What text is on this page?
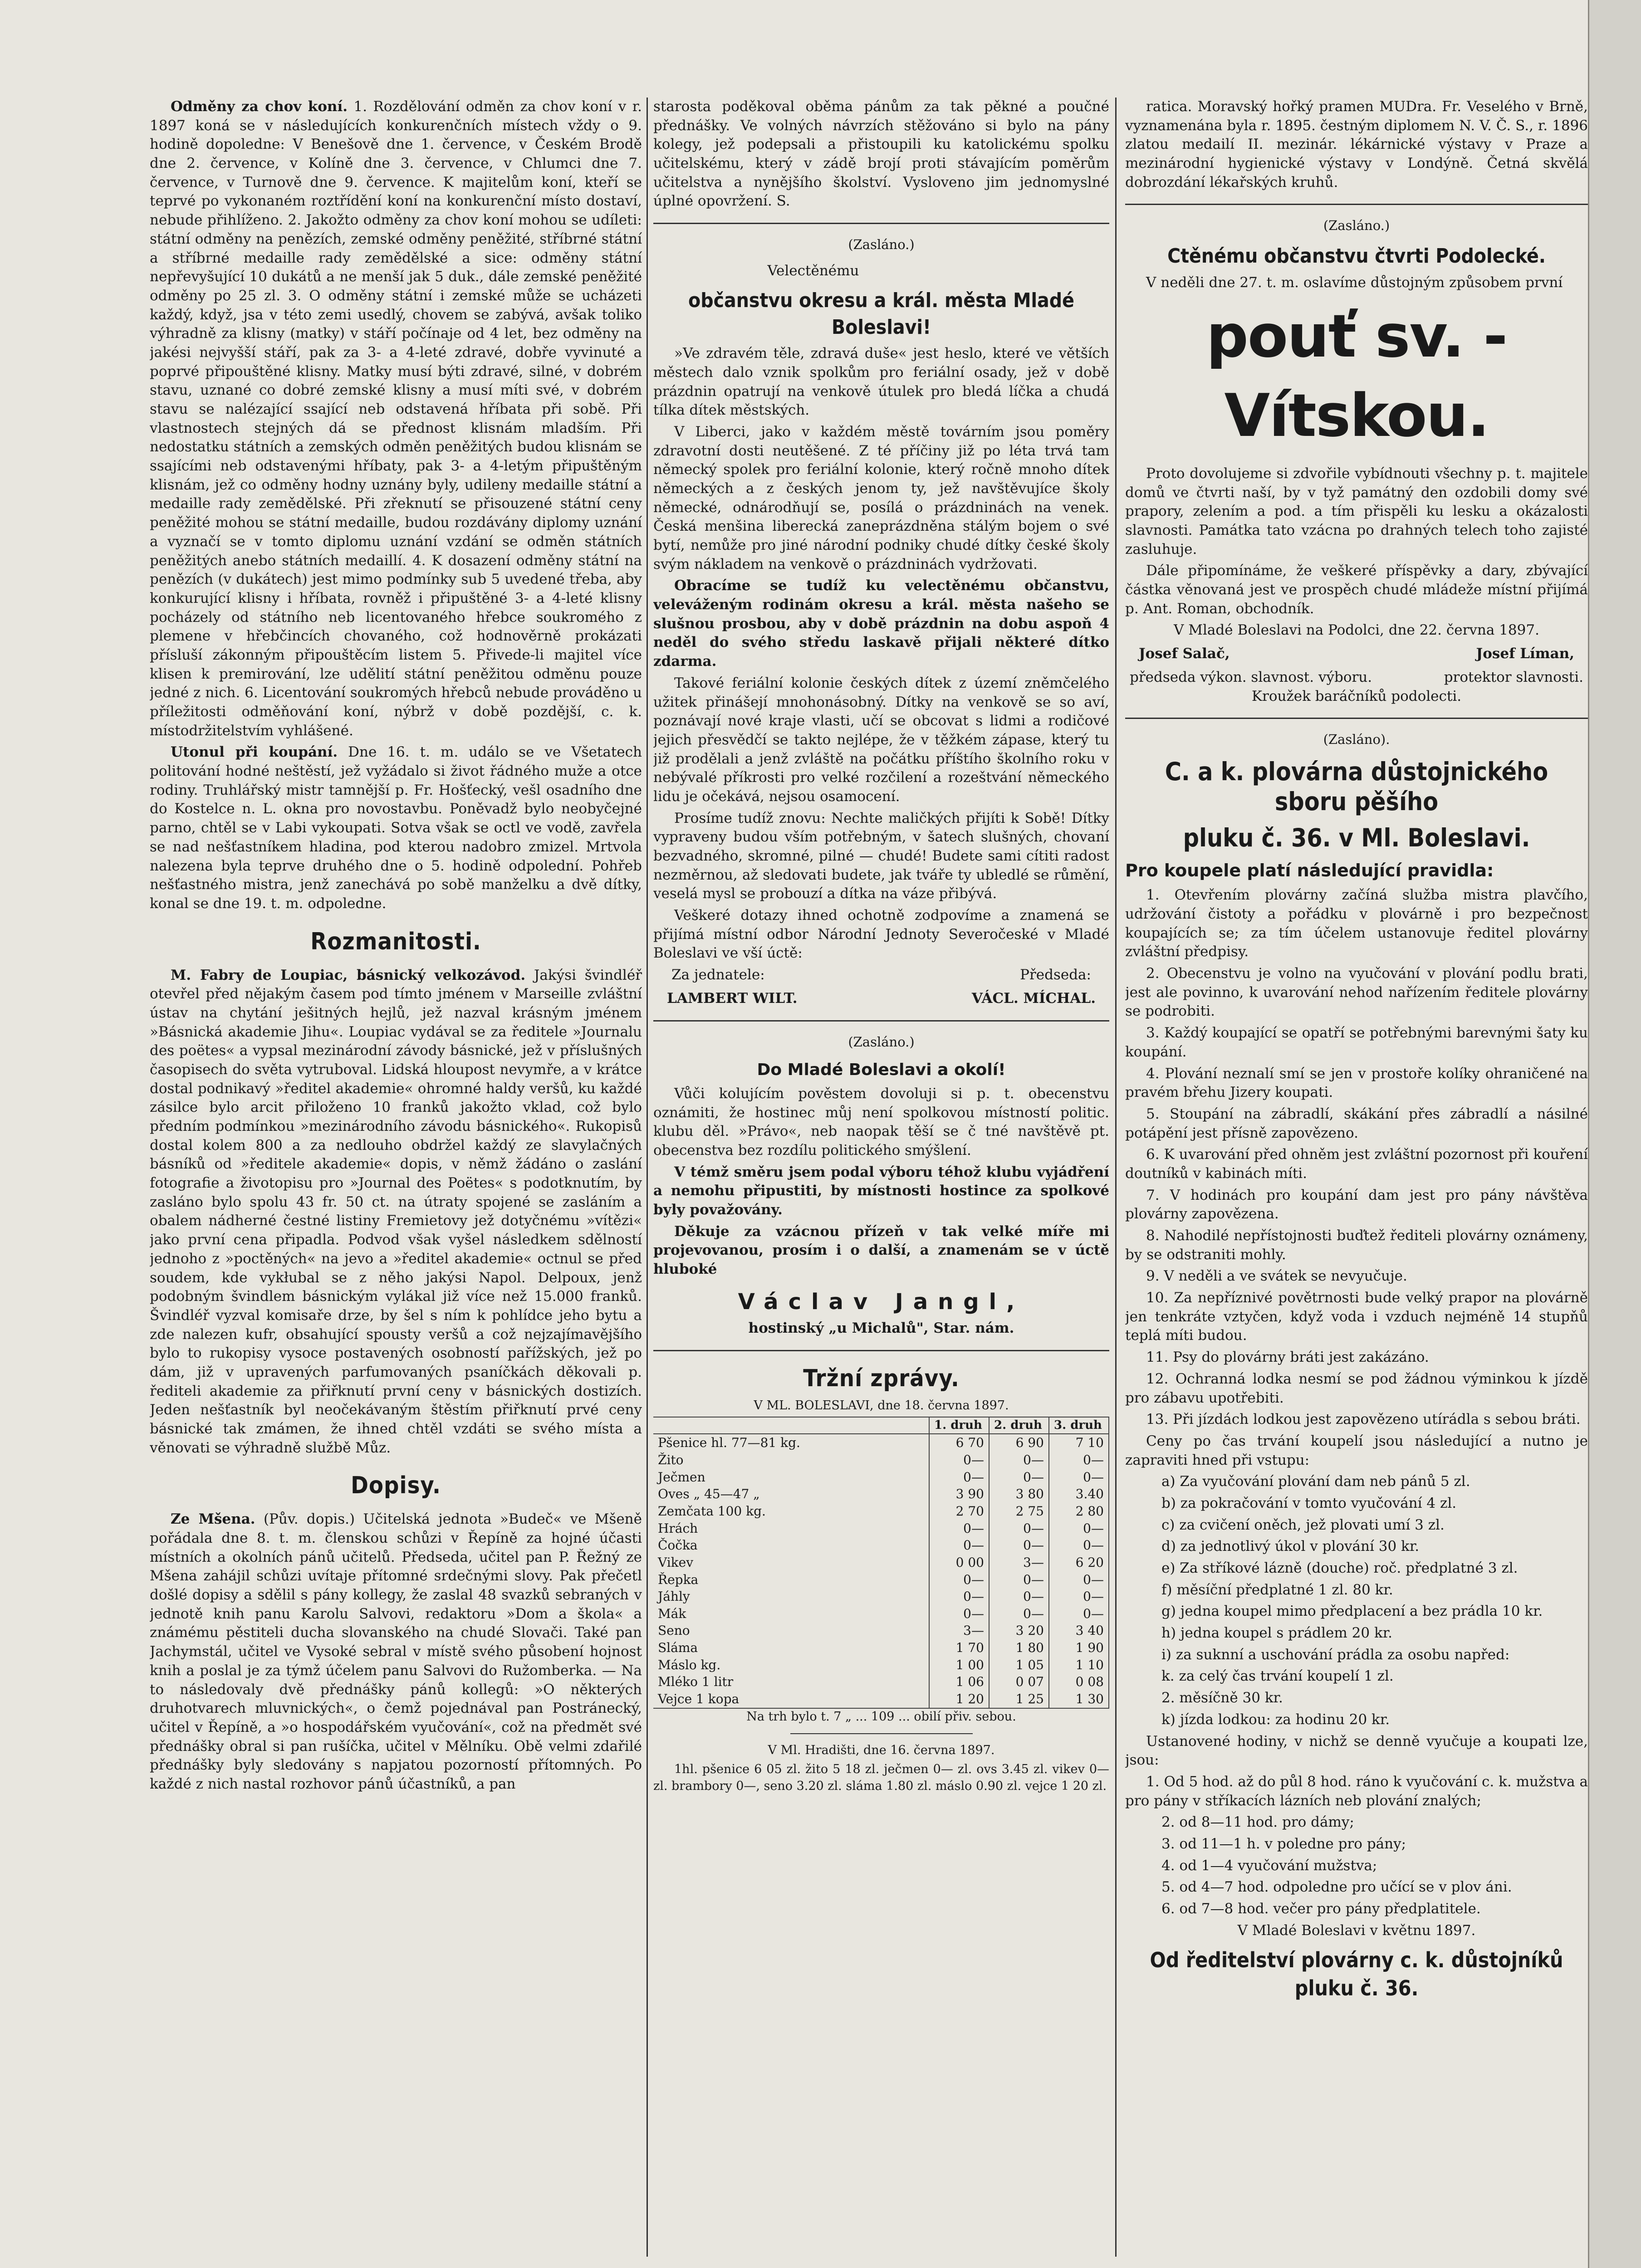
Odměny za chov koní. 1. Rozdělování odměn za chov koní v r. 1897 koná se v následujících konkurenčních místech vždy o 9. hodině dopoledne: V Benešově dne 1. července, v Českém Brodě dne 2. července, v Kolíně dne 3. července, v Chlumci dne 7. července, v Turnově dne 9. července. K majitelům koní, kteří se teprvé po vykonaném roztřídění koní na konkurenční místo dostaví, nebude přihlíženo. 2. Jakožto odměny za chov koní mohou se udíleti: státní odměny na penězích, zemské odměny peněžité, stříbrné státní a stříbrné medaille rady zemědělské a sice: odměny státní nepřevyšující 10 dukátů a ne menší jak 5 duk., dále zemské peněžité odměny po 25 zl. 3. O odměny státní i zemské může se ucházeti každý, když, jsa v této zemi usedlý, chovem se zabývá, avšak toliko výhradně za klisny (matky) v stáří počínaje od 4 let, bez odměny na jakési nejvyšší stáří, pak za 3- a 4-leté zdravé, dobře vyvinuté a poprvé připouštěné klisny. Matky musí býti zdravé, silné, v dobrém stavu, uznané co dobré zemské klisny a musí míti své, v dobrém stavu se nalézající ssající neb odstavená hříbata při sobě. Při vlastnostech stejných dá se přednost klisnám mladším. Při nedostatku státních a zemských odměn peněžitých budou klisnám se ssajícími neb odstavenými hříbaty, pak 3- a 4-letým připuštěným klisnám, jež co odměny hodny uznány byly, udileny medaille státní a medaille rady zemědělské. Při zřeknutí se přisouzené státní ceny peněžité mohou se státní medaille, budou rozdávány diplomy uznání a vyznačí se v tomto diplomu uznání vzdání se odměn státních peněžitých anebo státních medaillí. 4. K dosazení odměny státní na penězích (v dukátech) jest mimo podmínky sub 5 uvedené třeba, aby konkurující klisny i hříbata, rovněž i připuštěné 3- a 4-leté klisny pocházely od státního neb licentovaného hřebce soukromého z plemene v hřebčincích chovaného, což hodnověrně prokázati přísluší zákonným připouštěcím listem 5. Přivede-li majitel více klisen k premirování, lze udělití státní peněžitou odměnu pouze jedné z nich. 6. Licentování soukromých hřebců nebude prováděno u příležitosti odměňování koní, nýbrž v době pozdější, c. k. místodržitelstvím vyhlášené.

Utonul při koupání. Dne 16. t. m. událo se ve Všetatech politování hodné neštěstí, jež vyžádalo si život řádného muže a otce rodiny. Truhlářský mistr tamnější p. Fr. Hošťecký, vešl osadního dne do Kostelce n. L. okna pro novostavbu. Poněvadž bylo neobyčejné parno, chtěl se v Labi vykoupati. Sotva však se octl ve vodě, zavřela se nad nešťastníkem hladina, pod kterou nadobro zmizel. Mrtvola nalezena byla teprve druhého dne o 5. hodině odpolední. Pohřeb nešťastného mistra, jenž zanechává po sobě manželku a dvě dítky, konal se dne 19. t. m. odpoledne.

Rozmanitosti.

M. Fabry de Loupiac, básnický velkozávod. Jakýsi švindléř otevřel před nějakým časem pod tímto jménem v Marseille zvláštní ústav na chytání ješitných hejlů, jež nazval krásným jménem »Básnická akademie Jihu«. Loupiac vydával se za ředitele »Journalu des poëtes« a vypsal mezinárodní závody básnické, jež v příslušných časopisech do světa vytruboval. Lidská hloupost nevymře, a v krátce dostal podnikavý »ředitel akademie« ohromné haldy veršů, ku každé zásilce bylo arcit přiloženo 10 franků jakožto vklad, což bylo předním podmínkou »mezinárodního závodu básnického«. Rukopisů dostal kolem 800 a za nedlouho obdržel každý ze slavylačných básníků od »ředitele akademie« dopis, v němž žádáno o zaslání fotografie a životopisu pro »Journal des Poëtes« s podotknutím, by zasláno bylo spolu 43 fr. 50 ct. na útraty spojené se zasláním a obalem nádherné čestné listiny Fremietovy jež dotyčnému »vítězi« jako první cena připadla. Podvod však vyšel následkem sdělností jednoho z »poctěných« na jevo a »ředitel akademie« octnul se před soudem, kde vykłubal se z něho jakýsi Napol. Delpoux, jenž podobným švindlem básnickým vylákal již více než 15.000 franků. Švindléř vyzval komisaře drze, by šel s ním k pohlídce jeho bytu a zde nalezen kufr, obsahující spousty veršů a což nejzajímavějšího bylo to rukopisy vysoce postavených osobností pařížských, jež po dám, již v upravených parfumovaných psaníčkách děkovali p. řediteli akademie za přiřknutí první ceny v básnických dostizích. Jeden nešťastník byl neočekávaným štěstím přiřknutí prvé ceny básnické tak zmámen, že ihned chtěl vzdáti se svého místa a věnovati se výhradně službě Můz.

Dopisy.

Ze Mšena. (Pův. dopis.) Učitelská jednota »Budeč« ve Mšeně pořádala dne 8. t. m. členskou schůzi v Řepíně za hojné účasti místních a okolních pánů učitelů. Předseda, učitel pan P. Řežný ze Mšena zahájil schůzi uvítaje přítomné srdečnými slovy. Pak přečetl došlé dopisy a sdělil s pány kollegy, že zaslal 48 svazků sebraných v jednotě knih panu Karolu Salvovi, redaktoru »Dom a škola« a známému pěstiteli ducha slovanského na chudé Slovači. Také pan Jachymstál, učitel ve Vysoké sebral v místě svého působení hojnost knih a poslal je za týmž účelem panu Salvovi do Ružomberka. — Na to následovaly dvě přednášky pánů kollegů: »O některých druhotvarech mluvnických«, o čemž pojednával pan Postránecký, učitel v Řepíně, a »o hospodářském vyučování«, což na předmět své přednášky obral si pan rušíčka, učitel v Mělníku. Obě velmi zdařilé přednášky byly sledovány s napjatou pozorností přítomných. Po každé z nich nastal rozhovor pánů účastníků, a pan

starosta poděkoval oběma pánům za tak pěkné a poučné přednášky. Ve volných návrzích stěžováno si bylo na pány kolegy, jež podepsali a přistoupili ku katolickému spolku učitelskému, který v zádě brojí proti stávajícím poměrům učitelstva a nynějšího školství. Vysloveno jim jednomyslné úplné opovržení. S.

(Zasláno.)

Velectěnému

občanstvu okresu a král. města Mladé Boleslavi!

»Ve zdravém těle, zdravá duše« jest heslo, které ve větších městech dalo vznik spolkům pro feriální osady, jež v době prázdnin opatrují na venkově útulek pro bledá líčka a chudá tílka dítek městských.

V Liberci, jako v každém městě továrním jsou poměry zdravotní dosti neutěšené. Z té příčiny již po léta trvá tam německý spolek pro feriální kolonie, který ročně mnoho dítek německých a z českých jenom ty, jež navštěvujíce školy německé, odnárodňují se, posílá o prázdninách na venek. Česká menšina liberecká zaneprázdněna stálým bojem o své bytí, nemůže pro jiné národní podniky chudé dítky české školy svým nákladem na venkově o prázdninách vydržovati.

Obracíme se tudíž ku velectěnému občanstvu, veleváženým rodinám okresu a král. města našeho se slušnou prosbou, aby v době prázdnin na dobu aspoň 4 neděl do svého středu laskavě přijali některé dítko zdarma.

Takové feriální kolonie českých dítek z území zněmčelého užitek přinášejí mnohonásobný. Dítky na venkově se so aví, poznávají nové kraje vlasti, učí se obcovat s lidmi a rodičové jejich přesvědčí se takto nejlépe, že v těžkém zápase, který tu již prodělali a jenž zvláště na počátku příštího školního roku v nebývalé příkrosti pro velké rozčilení a rozeštvání německého lidu je očekává, nejsou osamocení.

Prosíme tudíž znovu: Nechte maličkých přijíti k Sobě! Dítky vypraveny budou vším potřebným, v šatech slušných, chovaní bezvadného, skromné, pilné — chudé! Budete sami cítiti radost nezměrnou, až sledovati budete, jak tváře ty ubledlé se růmění, veselá mysl se probouzí a dítka na váze přibývá.

Veškeré dotazy ihned ochotně zodpovíme a znamená se přijímá místní odbor Národní Jednoty Severočeské v Mladé Boleslavi ve vší úctě:

Za jednatele:	Předseda:
LAMBERT WILT.	VÁCL. MÍCHAL.

(Zasláno.)

Do Mladé Boleslavi a okolí!

Vůči kolujícím pověstem dovoluji si p. t. obecenstvu oznámiti, že hostinec můj není spolkovou místností politic. klubu děl. »Právo«, neb naopak těší se č tné navštěvě pt. obecenstva bez rozdílu politického smýšlení.

V témž směru jsem podal výboru téhož klubu vyjádření a nemohu připustiti, by místnosti hostince za spolkové byly považovány.

Děkuje za vzácnou přízeň v tak velké míře mi projevovanou, prosím i o další, a znamenám se v úctě hluboké

Václav Jangl,

hostinský „u Michalů", Star. nám.

Tržní zprávy.

V ML. BOLESLAVI, dne 18. června 1897.

	1. druh	2. druh	3. druh
Pšenice hl. 77—81 kg.	6 70	6 90	7 10
Žito	0—	0—	0—
Ječmen	0—	0—	0—
Oves „ 45—47 „	3 90	3 80	3.40
Zemčata 100 kg.	2 70	2 75	2 80
Hrách	0—	0—	0—
Čočka	0—	0—	0—
Vikev	0 00	3—	6 20
Řepka	0—	0—	0—
Jáhly	0—	0—	0—
Mák	0—	0—	0—
Seno	3—	3 20	3 40
Sláma	1 70	1 80	1 90
Máslo kg.	1 00	1 05	1 10
Mléko 1 litr	1 06	0 07	0 08
Vejce 1 kopa	1 20	1 25	1 30

Na trh bylo t. 7 „ ... 109 ... obilí přiv. sebou.

V Ml. Hradišti, dne 16. června 1897.

1hl. pšenice 6 05 zl. žito 5 18 zl. ječmen 0— zl. ovs 3.45 zl. vikev 0— zl. brambory 0—, seno 3.20 zl. sláma 1.80 zl. máslo 0.90 zl. vejce 1 20 zl.

ratica. Moravský hořký pramen MUDra. Fr. Veselého v Brně, vyznamenána byla r. 1895. čestným diplomem N. V. Č. S., r. 1896 zlatou medailí II. mezinár. lékárnické výstavy v Praze a mezinárodní hygienické výstavy v Londýně. Četná skvělá dobrozdání lékařských kruhů.

(Zasláno.)

Ctěnému občanstvu čtvrti Podolecké.

V neděli dne 27. t. m. oslavíme důstojným způsobem první

pouť sv. - Vítskou.

Proto dovolujeme si zdvořile vybídnouti všechny p. t. majitele domů ve čtvrti naší, by v tyž památný den ozdobili domy své prapory, zelením a pod. a tím přispěli ku lesku a okázalosti slavnosti. Památka tato vzácna po drahných telech toho zajisté zasluhuje.

Dále připomínáme, že veškeré příspěvky a dary, zbývající částka věnovaná jest ve prospěch chudé mládeže místní přijímá p. Ant. Roman, obchodník.

V Mladé Boleslavi na Podolci, dne 22. června 1897.

Josef Salač,	Josef Líman,
předseda výkon. slavnost. výboru.	protektor slavnosti.

Kroužek baráčníků podolecti.

(Zasláno).

C. a k. plovárna důstojnického sboru pěšího
pluku č. 36. v Ml. Boleslavi.
Pro koupele platí následující pravidla:

1. Otevřením plovárny začíná služba mistra plavčího, udržování čistoty a pořádku v plovárně i pro bezpečnost koupajících se; za tím účelem ustanovuje ředitel plovárny zvláštní předpisy.

2. Obecenstvu je volno na vyučování v plování podlu brati, jest ale povinno, k uvarování nehod nařízením ředitele plovárny se podrobiti.

3. Každý koupající se opatří se potřebnými barevnými šaty ku koupání.

4. Plování neznalí smí se jen v prostoře kolíky ohraničené na pravém břehu Jizery koupati.

5. Stoupání na zábradlí, skákání přes zábradlí a násilné potápění jest přísně zapovězeno.

6. K uvarování před ohněm jest zvláštní pozornost při kouření doutníků v kabinách míti.

7. V hodinách pro koupání dam jest pro pány návštěva plovárny zapovězena.

8. Nahodilé nepřístojnosti buďtež řediteli plovárny oznámeny, by se odstraniti mohly.

9. V neděli a ve svátek se nevyučuje.

10. Za nepříznivé povětrnosti bude velký prapor na plovárně jen tenkráte vztyčen, když voda i vzduch nejméně 14 stupňů teplá míti budou.

11. Psy do plovárny bráti jest zakázáno.

12. Ochranná lodka nesmí se pod žádnou výminkou k jízdě pro zábavu upotřebiti.

13. Při jízdách lodkou jest zapovězeno utírádla s sebou bráti.

Ceny po čas trvání koupelí jsou následující a nutno je zapraviti hned při vstupu:

a) Za vyučování plování dam neb pánů 5 zl.

b) za pokračování v tomto vyučování 4 zl.

c) za cvičení oněch, jež plovati umí 3 zl.

d) za jednotlivý úkol v plování 30 kr.

e) Za stříkové lázně (douche) roč. předplatné 3 zl.

f) měsíční předplatné 1 zl. 80 kr.

g) jedna koupel mimo předplacení a bez prádla 10 kr.

h) jedna koupel s prádlem 20 kr.

i) za suknní a uschování prádla za osobu napřed:

k. za celý čas trvání koupelí 1 zl.

2. měsíčně 30 kr.

k) jízda lodkou: za hodinu 20 kr.

Ustanovené hodiny, v nichž se denně vyučuje a koupati lze, jsou:

1. Od 5 hod. až do půl 8 hod. ráno k vyučování c. k. mužstva a pro pány v stříkacích lázních neb plování znalých;

2. od 8—11 hod. pro dámy;

3. od 11—1 h. v poledne pro pány;

4. od 1—4 vyučování mužstva;

5. od 4—7 hod. odpoledne pro učící se v plov áni.

6. od 7—8 hod. večer pro pány předplatitele.

V Mladé Boleslavi v květnu 1897.

Od ředitelství plovárny c. k. důstojníků pluku č. 36.
